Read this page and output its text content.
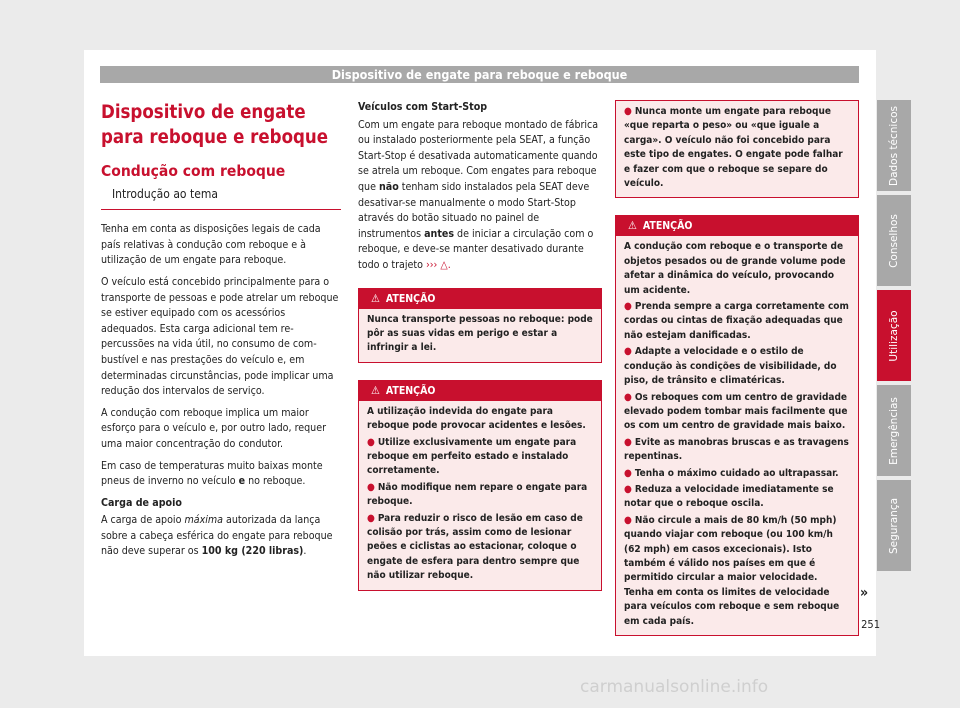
Dispositivo de engate para reboque e reboque
Dispositivo de engate para reboque e reboque
Condução com reboque
Introdução ao tema

Tenha em conta as disposições legais de cada país relativas à condução com reboque e à utilização de um engate para reboque.

O veículo está concebido principalmente para o transporte de pessoas e pode atrelar um reboque se estiver equipado com os acessórios adequados. Esta carga adicional tem repercussões na vida útil, no consumo de combustível e nas prestações do veículo e, em determinadas circunstâncias, pode implicar uma redução dos intervalos de serviço.

A condução com reboque implica um maior esforço para o veículo e, por outro lado, requer uma maior concentração do condutor.

Em caso de temperaturas muito baixas monte pneus de inverno no veículo e no reboque.

Carga de apoio

A carga de apoio máxima autorizada da lança sobre a cabeça esférica do engate para reboque não deve superar os 100 kg (220 libras).

Veículos com Start-Stop

Com um engate para reboque montado de fábrica ou instalado posteriormente pela SEAT, a função Start-Stop é desativada automaticamente quando se atrela um reboque. Com engates para reboque que não tenham sido instalados pela SEAT deve desativar-se manualmente o modo Start-Stop através do botão situado no painel de instrumentos antes de iniciar a circulação com o reboque, e deve-se manter desativado durante todo o trajeto ››› △.

⚠ ATENÇÃO
Nunca transporte pessoas no reboque: pode pôr as suas vidas em perigo e estar a infringir a lei.
⚠ ATENÇÃO
A utilização indevida do engate para reboque pode provocar acidentes e lesões.
● Utilize exclusivamente um engate para reboque em perfeito estado e instalado corretamente.
● Não modifique nem repare o engate para reboque.
● Para reduzir o risco de lesão em caso de colisão por trás, assim como de lesionar peões e ciclistas ao estacionar, coloque o engate de esfera para dentro sempre que não utilizar reboque.
● Nunca monte um engate para reboque «que reparta o peso» ou «que iguale a carga». O veículo não foi concebido para este tipo de engates. O engate pode falhar e fazer com que o reboque se separe do veículo.
⚠ ATENÇÃO
A condução com reboque e o transporte de objetos pesados ou de grande volume pode afetar a dinâmica do veículo, provocando um acidente.
● Prenda sempre a carga corretamente com cordas ou cintas de fixação adequadas que não estejam danificadas.
● Adapte a velocidade e o estilo de condução às condições de visibilidade, do piso, de trânsito e climatéricas.
● Os reboques com um centro de gravidade elevado podem tombar mais facilmente que os com um centro de gravidade mais baixo.
● Evite as manobras bruscas e as travagens repentinas.
● Tenha o máximo cuidado ao ultrapassar.
● Reduza a velocidade imediatamente se notar que o reboque oscila.
● Não circule a mais de 80 km/h (50 mph) quando viajar com reboque (ou 100 km/h (62 mph) em casos excecionais). Isto também é válido nos países em que é permitido circular a maior velocidade. Tenha em conta os limites de velocidade para veículos com reboque e sem reboque em cada país.
»
Dados técnicos
Conselhos
Utilização
Emergências
Segurança
251
carmanualsonline.info
